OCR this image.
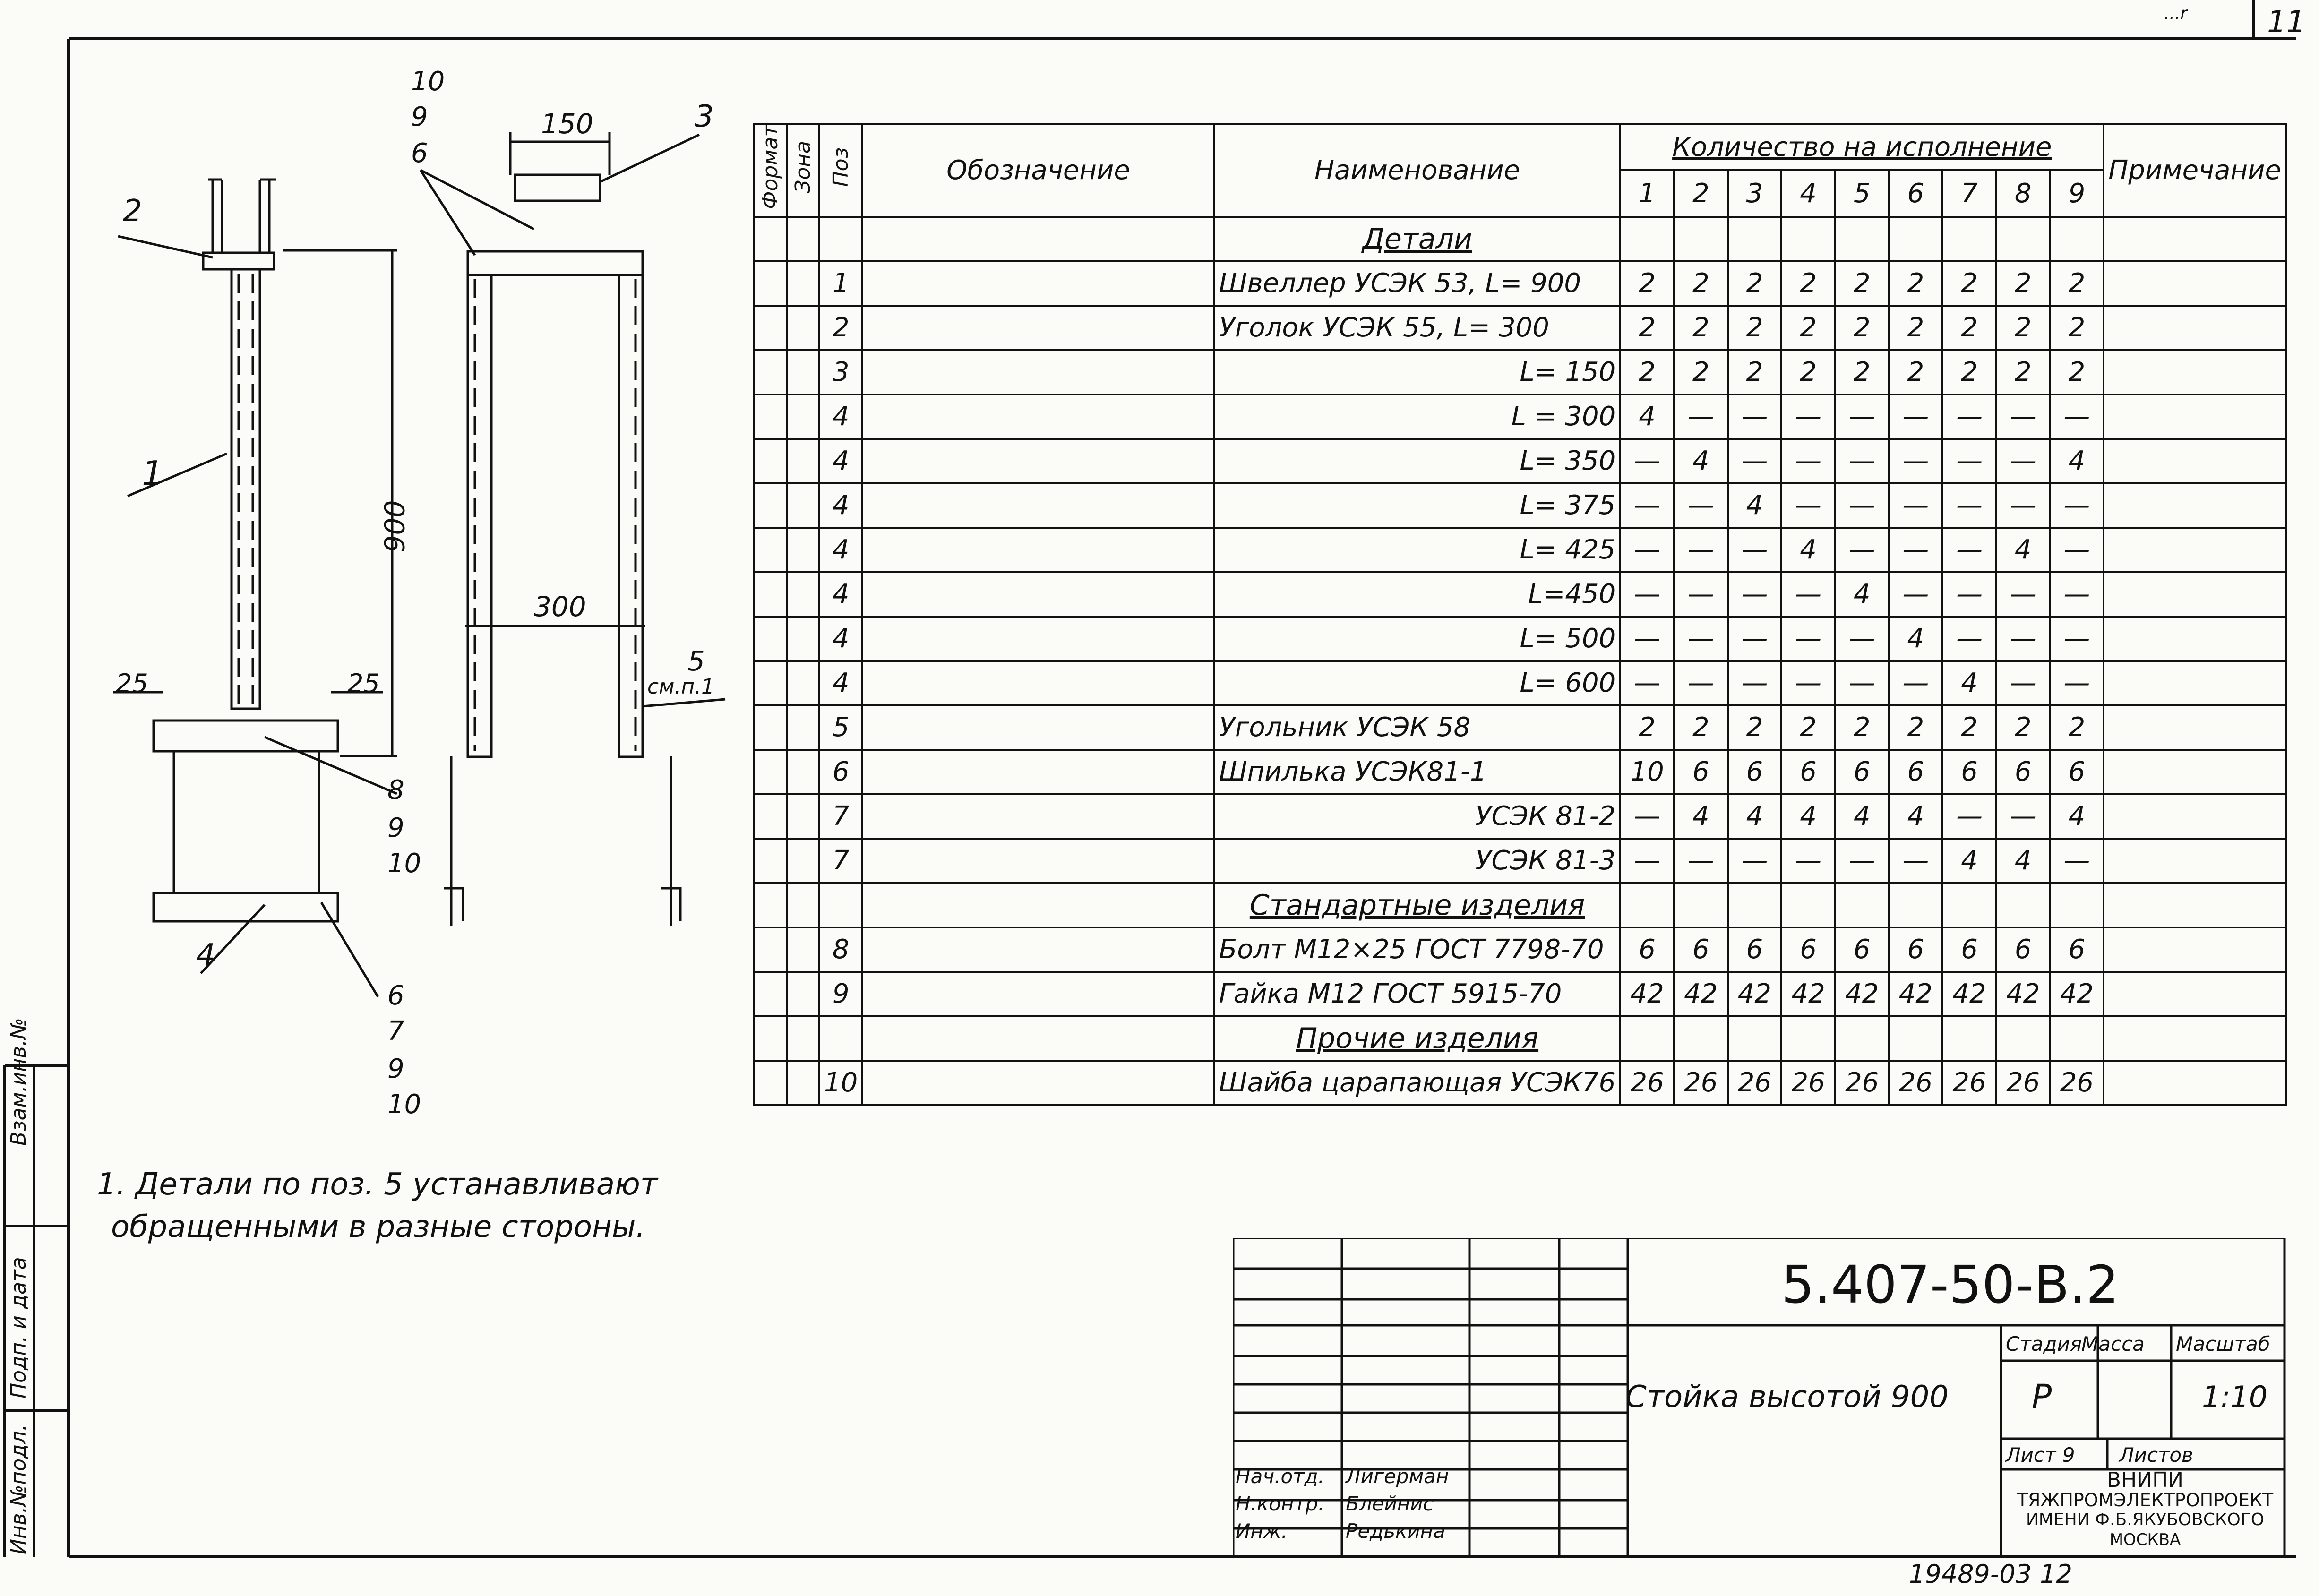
11
...r
150
900
300
25	25
10
9
6
3
2
1
5
см.п.1
8
9
10
4
6
7
9
10
Формат	Зона	Поз	Обозначение	Наименование	Количество на исполнение									Примечание
					1	2	3	4	5	6	7	8	9	
				Детали										
		1		Швеллер УСЭК 53, L= 900	2	2	2	2	2	2	2	2	2	
		2		Уголок УСЭК 55, L= 300	2	2	2	2	2	2	2	2	2	
		3		L= 150	2	2	2	2	2	2	2	2	2	
		4		L = 300	4	—	—	—	—	—	—	—	—	
		4		L= 350	—	4	—	—	—	—	—	—	4	
		4		L= 375	—	—	4	—	—	—	—	—	—	
		4		L= 425	—	—	—	4	—	—	—	4	—	
		4		L=450	—	—	—	—	4	—	—	—	—	
		4		L= 500	—	—	—	—	—	4	—	—	—	
		4		L= 600	—	—	—	—	—	—	4	—	—	
		5		Угольник УСЭК 58	2	2	2	2	2	2	2	2	2	
		6		Шпилька УСЭК81-1	10	6	6	6	6	6	6	6	6	
		7		УСЭК 81-2	—	4	4	4	4	4	—	—	4	
		7		УСЭК 81-3	—	—	—	—	—	—	4	4	—	
				Стандартные изделия										
		8		Болт М12×25 ГОСТ 7798-70	6	6	6	6	6	6	6	6	6	
		9		Гайка М12 ГОСТ 5915-70	42	42	42	42	42	42	42	42	42	
				Прочие изделия										
		10		Шайба царапающая УСЭК76	26	26	26	26	26	26	26	26	26	
1. Детали по поз. 5 устанавливают
обращенными в разные стороны.
Взам.инв.№
Подп. и дата
Инв.№подл.
5.407-50-В.2
Стойка высотой 900
Стадия
Масса Масштаб
Р	1:10
Лист 9 Листов
ВНИПИ
ТЯЖПРОМЭЛЕКТРОПРОЕКТ
ИМЕНИ Ф.Б.ЯКУБОВСКОГО
МОСКВА
Нач.отд. Лигерман
Н.контр. Блейнис
Инж.	Редькина
19489-03 12
